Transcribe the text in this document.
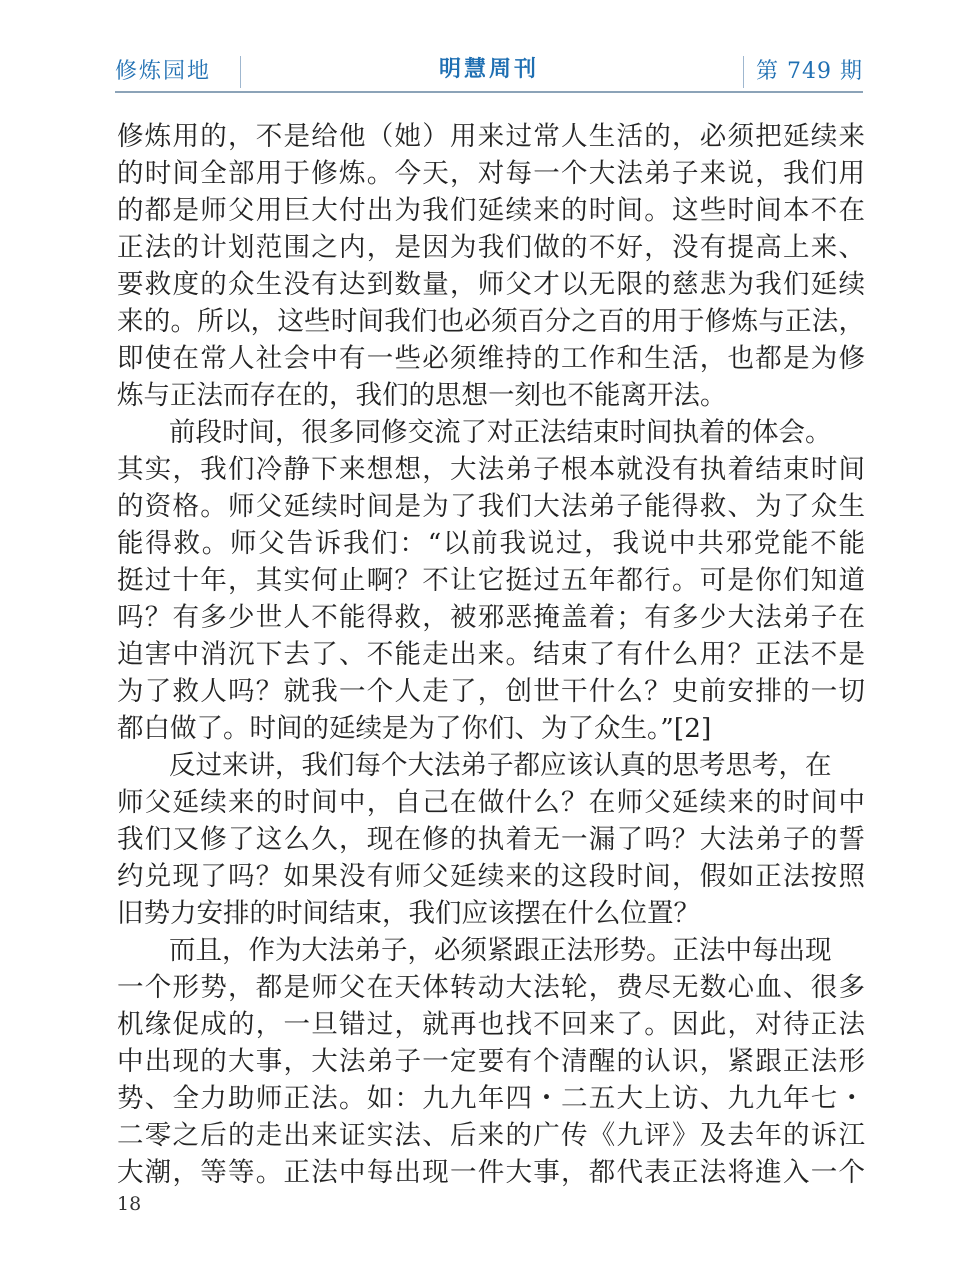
修炼园地	明慧周刊	第 749 期
修炼用的，不是给他（她）用来过常人生活的，必须把延续来
的时间全部用于修炼。今天，对每一个大法弟子来说，我们用
的都是师父用巨大付出为我们延续来的时间。这些时间本不在
正法的计划范围之内，是因为我们做的不好，没有提高上来、
要救度的众生没有达到数量，师父才以无限的慈悲为我们延续
来的。所以，这些时间我们也必须百分之百的用于修炼与正法，
即使在常人社会中有一些必须维持的工作和生活，也都是为修
炼与正法而存在的，我们的思想一刻也不能离开法。
前段时间，很多同修交流了对正法结束时间执着的体会。
其实，我们冷静下来想想，大法弟子根本就没有执着结束时间
的资格。师父延续时间是为了我们大法弟子能得救、为了众生
能得救。师父告诉我们：“以前我说过，我说中共邪党能不能
挺过十年，其实何止啊？不让它挺过五年都行。可是你们知道
吗？有多少世人不能得救，被邪恶掩盖着；有多少大法弟子在
迫害中消沉下去了、不能走出来。结束了有什么用？正法不是
为了救人吗？就我一个人走了，创世干什么？史前安排的一切
都白做了。时间的延续是为了你们、为了众生。”[2]
反过来讲，我们每个大法弟子都应该认真的思考思考，在
师父延续来的时间中，自己在做什么？在师父延续来的时间中
我们又修了这么久，现在修的执着无一漏了吗？大法弟子的誓
约兑现了吗？如果没有师父延续来的这段时间，假如正法按照
旧势力安排的时间结束，我们应该摆在什么位置？
而且，作为大法弟子，必须紧跟正法形势。正法中每出现
一个形势，都是师父在天体转动大法轮，费尽无数心血、很多
机缘促成的，一旦错过，就再也找不回来了。因此，对待正法
中出现的大事，大法弟子一定要有个清醒的认识，紧跟正法形
势、全力助师正法。如：九九年四・二五大上访、九九年七・
二零之后的走出来证实法、后来的广传《九评》及去年的诉江
大潮，等等。正法中每出现一件大事，都代表正法将進入一个
18
